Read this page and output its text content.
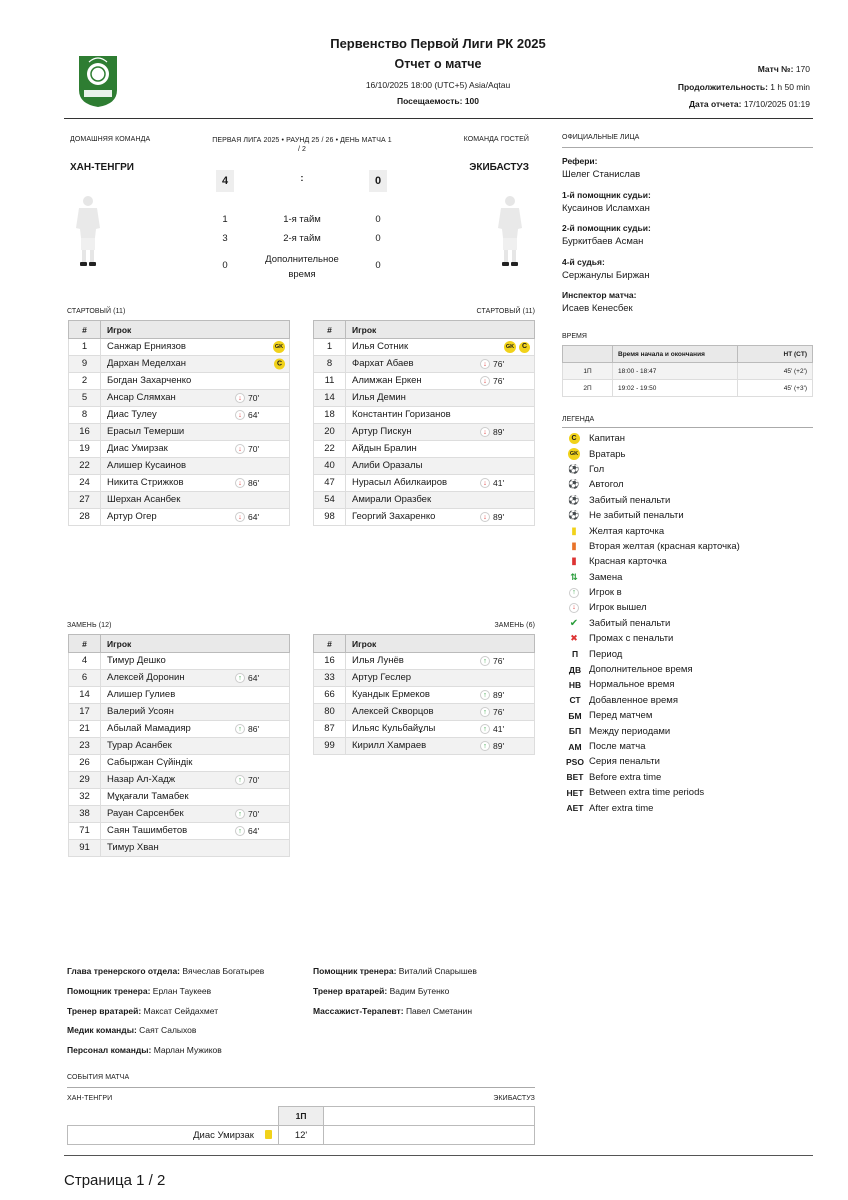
Первенство Первой Лиги РК 2025
Отчет о матче
16/10/2025 18:00 (UTC+5) Asia/Aqtau
Посещаемость: 100
Матч №: 170
Продолжительность: 1 h 50 min
Дата отчета: 17/10/2025 01:19
ДОМАШНЯЯ КОМАНДА	ПЕРВАЯ ЛИГА 2025 • РАУНД 25 / 26 • ДЕНЬ МАТЧА 1 / 2
КОМАНДА ГОСТЕЙ
ХАН-ТЕНГРИ	ЭКИБАСТУЗ
4	:	0
1	1-я тайм	0
3	2-я тайм	0
0
Дополнительное время
0
ОФИЦИАЛЬНЫЕ ЛИЦА
Рефери:
Шелег Станислав
1-й помощник судьи:
Кусаинов Исламхан
2-й помощник судьи:
Буркитбаев Асман
4-й судья:
Сержанулы Биржан
Инспектор матча:
Исаев Кенесбек
ВРЕМЯ
	Время начала и окончания	HT (CT)
1П	18:00 - 18:47	45' (+2')
2П	19:02 - 19:50	45' (+3')
ЛЕГЕНДА
C	Капитан
GK Вратарь
⚽ Гол
⚽ Автогол
⚽ Забитый пенальти
⚽ Не забитый пенальти
▮ Желтая карточка
▮ Вторая желтая (красная карточка)
▮ Красная карточка
⇅ Замена
↑	Игрок в
↓	Игрок вышел
✔ Забитый пенальти
✖ Промах с пенальти
П	Период
ДВ Дополнительное время
НВ Нормальное время
СТ Добавленное время
БМ Перед матчем
БП Между периодами
АМ После матча
PSO Серия пенальти
BET Before extra time
HET Between extra time periods
AET After extra time
СТАРТОВЫЙ (11)	СТАРТОВЫЙ (11)
ЗАМЕНЬ (12)	ЗАМЕНЬ (6)
#	Игрок
1	Санжар Ерниязов GK

9	Дархан Меделхан C

2	Богдан Захарченко
5	Ансар Слямхан ↓ 70'

8	Диас Тулеу ↓ 64'

16	Ерасыл Темерши
19	Диас Умирзак ↓ 70'

22	Алишер Кусаинов
24	Никита Стрижков ↓ 86'

27	Шерхан Асанбек
28	Артур Огер ↓ 64'
#	Игрок
1	Илья Сотник GK C

8	Фархат Абаев ↓ 76'

11	Алимжан Еркен ↓ 76'

14	Илья Демин
18	Константин Горизанов
20	Артур Пискун ↓ 89'

22	Айдын Бралин
40	Алиби Оразалы
47	Нурасыл Абилкаиров ↓ 41'

54	Амирали Оразбек
98	Георгий Захаренко ↓ 89'
#	Игрок
4	Тимур Дешко
6	Алексей Доронин ↑ 64'

14	Алишер Гулиев
17	Валерий Усоян
21	Абылай Мамадияр ↑ 86'

23	Турар Асанбек
26	Сабыржан Сүйіндік
29	Назар Ал-Хадж ↑ 70'

32	Мұқағали Тамабек
38	Рауан Сарсенбек ↑ 70'

71	Саян Ташимбетов ↑ 64'

91	Тимур Хван
#	Игрок
16	Илья Лунёв ↑ 76'

33	Артур Геслер
66	Куандык Ермеков ↑ 89'

80	Алексей Скворцов ↑ 76'

87	Ильяс Кульбайұлы ↑ 41'

99	Кирилл Хамраев ↑ 89'
Глава тренерского отдела: Вячеслав Богатырев
Помощник тренера: Ерлан Таукеев
Тренер вратарей: Максат Сейдахмет
Медик команды: Саят Салыхов
Персонал команды: Марлан Мужиков
Помощник тренера: Виталий Спарышев
Тренер вратарей: Вадим Бутенко
Массажист-Терапевт: Павел Сметанин
СОБЫТИЯ МАТЧА
ХАН-ТЕНГРИ	ЭКИБАСТУЗ
	1П	
Диас Умирзак	12'	
Страница 1 / 2
